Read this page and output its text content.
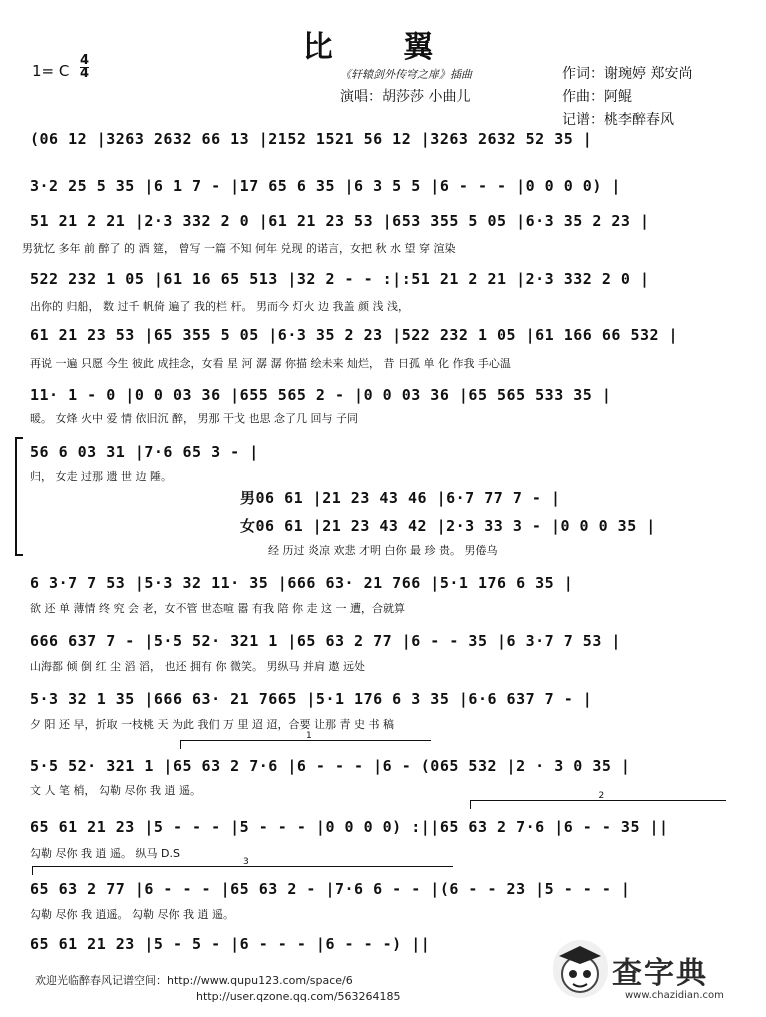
比 翼
1= C
4
4	《轩辕剑外传穹之扉》插曲
演唱：胡莎莎 小曲儿
作词：谢琬婷 郑安尚
作曲：阿鲲
记谱：桃李醉春风
(06 12 |3263 2632 66 13 |2152 1521 56 12 |3263 2632 52 35 |
3·2 25 5 35 |6 1 7 - |17 65 6 35 |6 3 5 5 |6 - - - |0 0 0 0) |
51 21 2 21 |2·3 332 2 0 |61 21 23 53 |653 355 5 05 |6·3 35 2 23 |
男犹忆 多年 前 醉了 的 酒 筵， 曾写 一篇 不知 何年 兑现 的诺言，女把 秋 水 望 穿 渲染
522 232 1 05 |61 16 65 513 |32 2 - - :|:51 21 2 21 |2·3 332 2 0 |
出你的 归船， 数 过千 帆倚 遍了 我的栏 杆。 男而今 灯火 边 我盖 颜 浅 浅，
61 21 23 53 |65 355 5 05 |6·3 35 2 23 |522 232 1 05 |61 166 66 532 |
再说 一遍 只愿 今生 彼此 成挂念，女看 星 河 潺 潺 你描 绘未来 灿烂， 昔 日孤 单 化 作我 手心温
11· 1 - 0 |0 0 03 36 |655 565 2 - |0 0 03 36 |65 565 533 35 |
暖。 女烽 火中 爱 情 依旧沉 醉， 男那 干戈 也思 念了几 回与 子同
56 6 03 31 |7·6 65 3 - |
归， 女走 过那 遗 世 边 陲。
男06 61 |21 23 43 46 |6·7 77 7 - |
女06 61 |21 23 43 42 |2·3 33 3 - |0 0 0 35 |
经 历过 炎凉 欢悲 才明 白你 最 珍 贵。 男倦乌
6 3·7 7 53 |5·3 32 11· 35 |666 63· 21 766 |5·1 176 6 35 |
欲 还 单 薄情 终 究 会 老，女不管 世态喧 嚣 有我 陪 你 走 这 一 遭，合就算
666 637 7 - |5·5 52· 321 1 |65 63 2 77 |6 - - 35 |6 3·7 7 53 |
山海都 倾 倒 红 尘 滔 滔， 也还 拥有 你 微笑。 男纵马 并肩 遨 远处
5·3 32 1 35 |666 63· 21 7665 |5·1 176 6 3 35 |6·6 637 7 - |
夕 阳 还 早，折取 一枝桃 天 为此 我们 万 里 迢 迢，合要 让那 青 史 书 稿
1
5·5 52· 321 1 |65 63 2 7·6 |6 - - - |6 - (065 532 |2 · 3 0 35 |
文 人 笔 梢， 勾勒 尽你 我 逍 遥。	2
65 61 21 23 |5 - - - |5 - - - |0 0 0 0) :||65 63 2 7·6 |6 - - 35 ||
勾勒 尽你 我 逍 遥。 纵马 D.S
3
65 63 2 77 |6 - - - |65 63 2 - |7·6 6 - - |(6 - - 23 |5 - - - |
勾勒 尽你 我 逍遥。 勾勒 尽你 我 逍 遥。
65 61 21 23 |5 - 5 - |6 - - - |6 - - -) ||
欢迎光临醉春风记谱空间：http://www.qupu123.com/space/6
http://user.qzone.qq.com/563264185
查字典
www.chazidian.com
